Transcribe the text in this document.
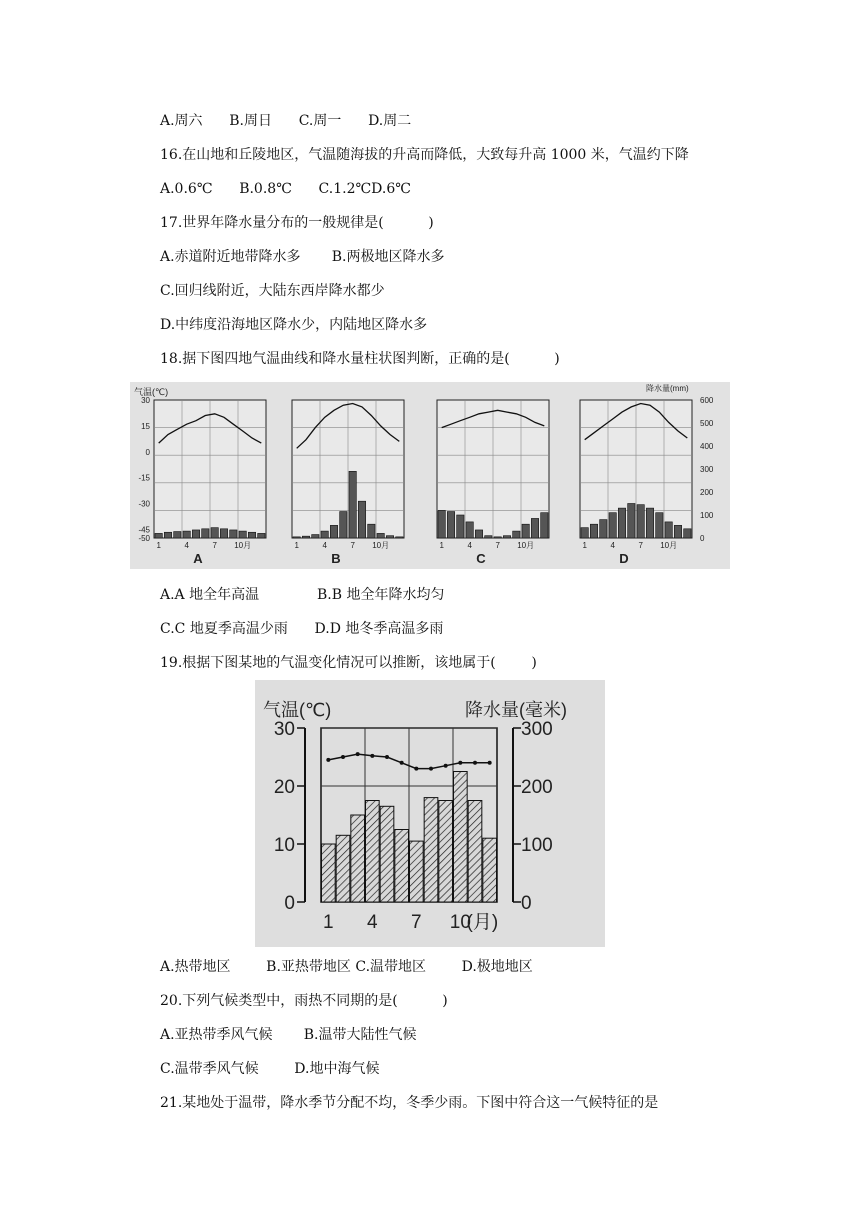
A.周六      B.周日      C.周一      D.周二
16.在山地和丘陵地区，气温随海拔的升高而降低，大致每升高 1000 米，气温约下降
A.0.6℃      B.0.8℃      C.1.2℃D.6℃
17.世界年降水量分布的一般规律是(          )
A.赤道附近地带降水多       B.两极地区降水多
C.回归线附近，大陆东西岸降水都少
D.中纬度沿海地区降水少，内陆地区降水多
18.据下图四地气温曲线和降水量柱状图判断，正确的是(          )
气温(℃)
30
15
0
-15
-30
-45
-50
降水量(mm)
600
500
400
300
200
100
0
1	4	7 10月
A
1	4	7 10月
B
1	4	7 10月
C
1	4	7 10月
D
A.A 地全年高温             B.B 地全年降水均匀
C.C 地夏季高温少雨      D.D 地冬季高温多雨
19.根据下图某地的气温变化情况可以推断，该地属于(        )
气温(℃)	降水量(毫米)
30
20
10
0
300
200
100
0
1 4 7 10
(月)
A.热带地区        B.亚热带地区 C.温带地区        D.极地地区
20.下列气候类型中，雨热不同期的是(          )
A.亚热带季风气候       B.温带大陆性气候
C.温带季风气候        D.地中海气候
21.某地处于温带，降水季节分配不均，冬季少雨。下图中符合这一气候特征的是
